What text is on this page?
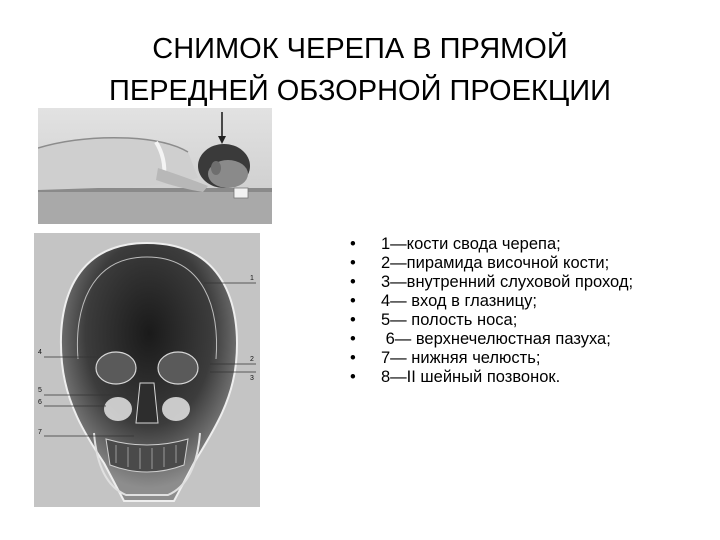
СНИМОК ЧЕРЕПА В ПРЯМОЙ
ПЕРЕДНЕЙ ОБЗОРНОЙ ПРОЕКЦИИ
1
4
2
3
5
6
7
• 1—кости свода черепа;
• 2—пирамида височной кости;
• 3—внутренний слуховой проход;
• 4— вход в глазницу;
• 5— полость носа;
•  6— верхнечелюстная пазуха;
• 7— нижняя челюсть;
• 8—II шейный позвонок.
